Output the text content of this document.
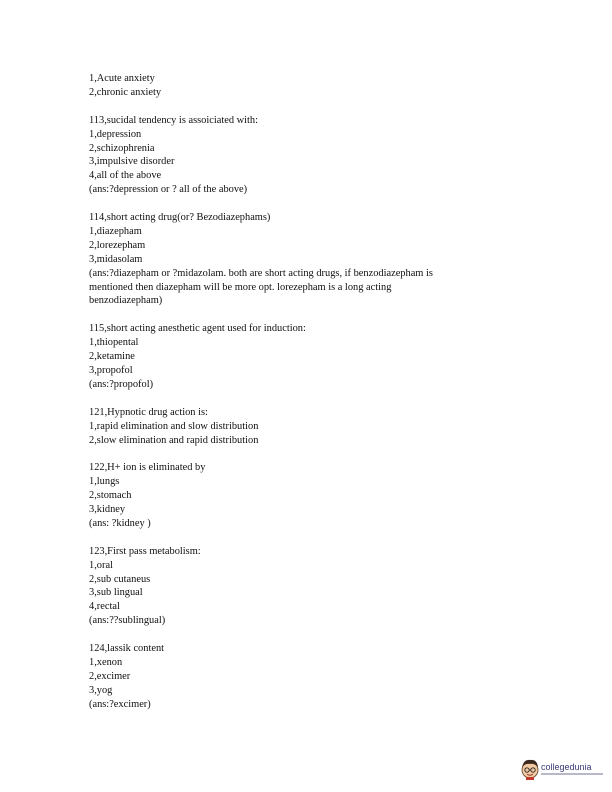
1,Acute anxiety
2,chronic anxiety
113,sucidal tendency is assoiciated with:
1,depression
2,schizophrenia
3,impulsive disorder
4,all of the above
(ans:?depression or ? all of the above)
114,short acting drug(or? Bezodiazephams)
1,diazepham
2,lorezepham
3,midasolam
(ans:?diazepham or ?midazolam. both are short acting drugs, if benzodiazepham is
mentioned then diazepham will be more opt. lorezepham is a long acting
benzodiazepham)
115,short acting anesthetic agent used for induction:
1,thiopental
2,ketamine
3,propofol
(ans:?propofol)
121,Hypnotic drug action is:
1,rapid elimination and slow distribution
2,slow elimination and rapid distribution
122,H+ ion is eliminated by
1,lungs
2,stomach
3,kidney
(ans: ?kidney )
123,First pass metabolism:
1,oral
2,sub cutaneus
3,sub lingual
4,rectal
(ans:??sublingual)
124,lassik content
1,xenon
2,excimer
3,yog
(ans:?excimer)
collegedunia
